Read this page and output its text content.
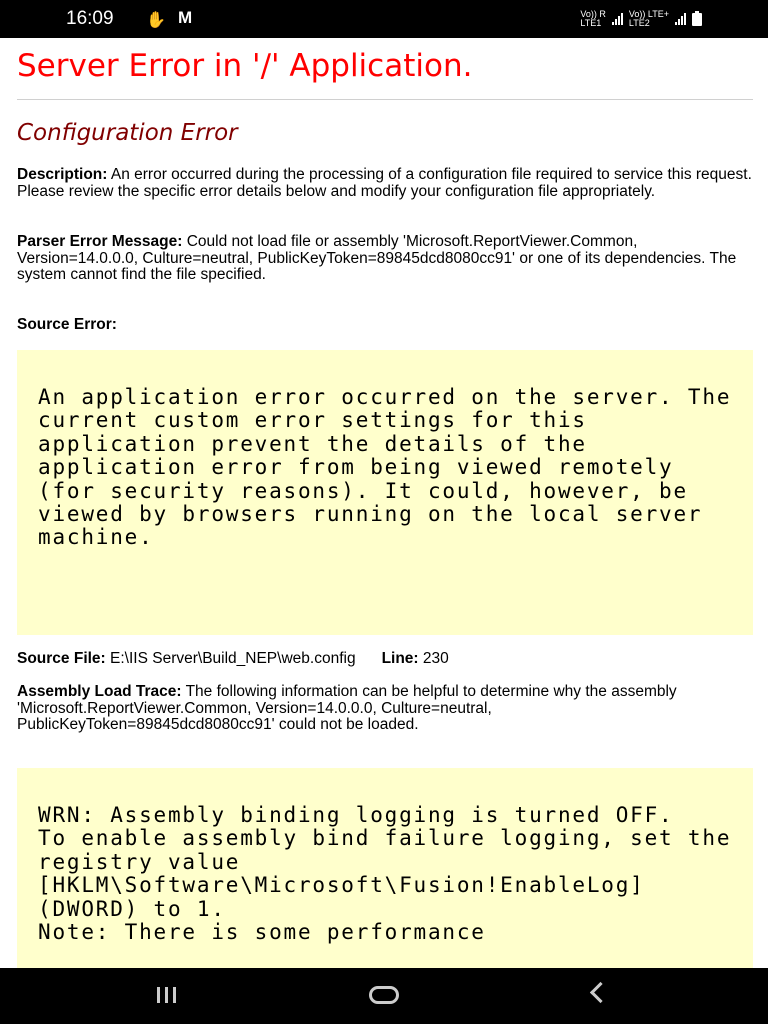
16:09 ✋ M	Vo)) R
LTE1
Vo)) LTE+
LTE2
Server Error in '/' Application.
Configuration Error

Description: An error occurred during the processing of a configuration file required to service this request. Please review the specific error details below and modify your configuration file appropriately.

Parser Error Message: Could not load file or assembly 'Microsoft.ReportViewer.Common, Version=14.0.0.0, Culture=neutral, PublicKeyToken=89845dcd8080cc91' or one of its dependencies. The system cannot find the file specified.

Source Error:

An application error occurred on the server. The current custom error settings for this application prevent the details of the application error from being viewed remotely (for security reasons). It could, however, be viewed by browsers running on the local server machine.

Source File: E:\IIS Server\Build_NEP\web.config Line: 230

Assembly Load Trace: The following information can be helpful to determine why the assembly 'Microsoft.ReportViewer.Common, Version=14.0.0.0, Culture=neutral, PublicKeyToken=89845dcd8080cc91' could not be loaded.

WRN: Assembly binding logging is turned OFF.
To enable assembly bind failure logging, set the registry value [HKLM\Software\Microsoft\Fusion!EnableLog] (DWORD) to 1.
Note: There is some performance
